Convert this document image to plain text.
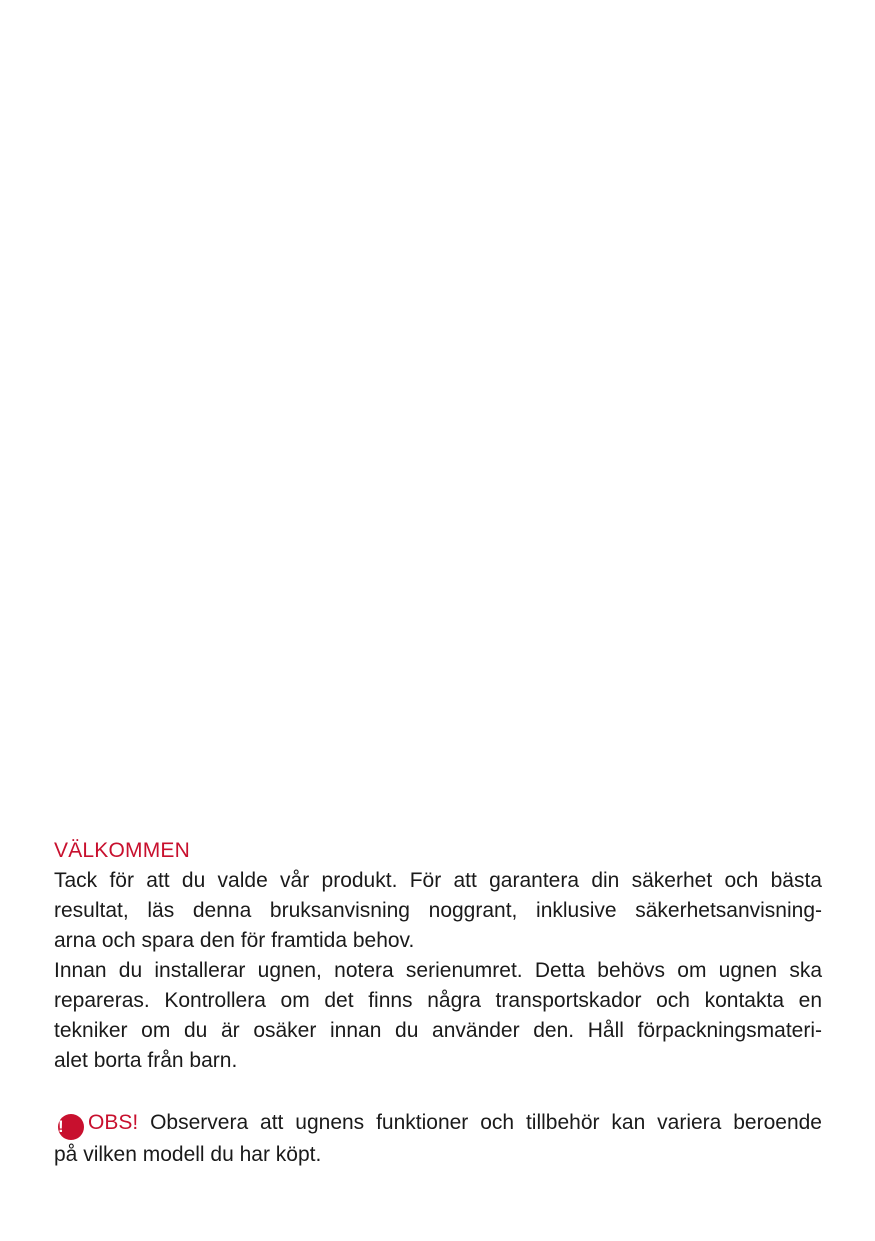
VÄLKOMMEN

Tack för att du valde vår produkt. För att garantera din säkerhet och bästa
resultat, läs denna bruksanvisning noggrant, inklusive säkerhetsanvisning-
arna och spara den för framtida behov.

Innan du installerar ugnen, notera serienumret. Detta behövs om ugnen ska
repareras. Kontrollera om det finns några transportskador och kontakta en
tekniker om du är osäker innan du använder den. Håll förpackningsmateri-
alet borta från barn.

! OBS! Observera att ugnens funktioner och tillbehör kan variera beroende
på vilken modell du har köpt.
